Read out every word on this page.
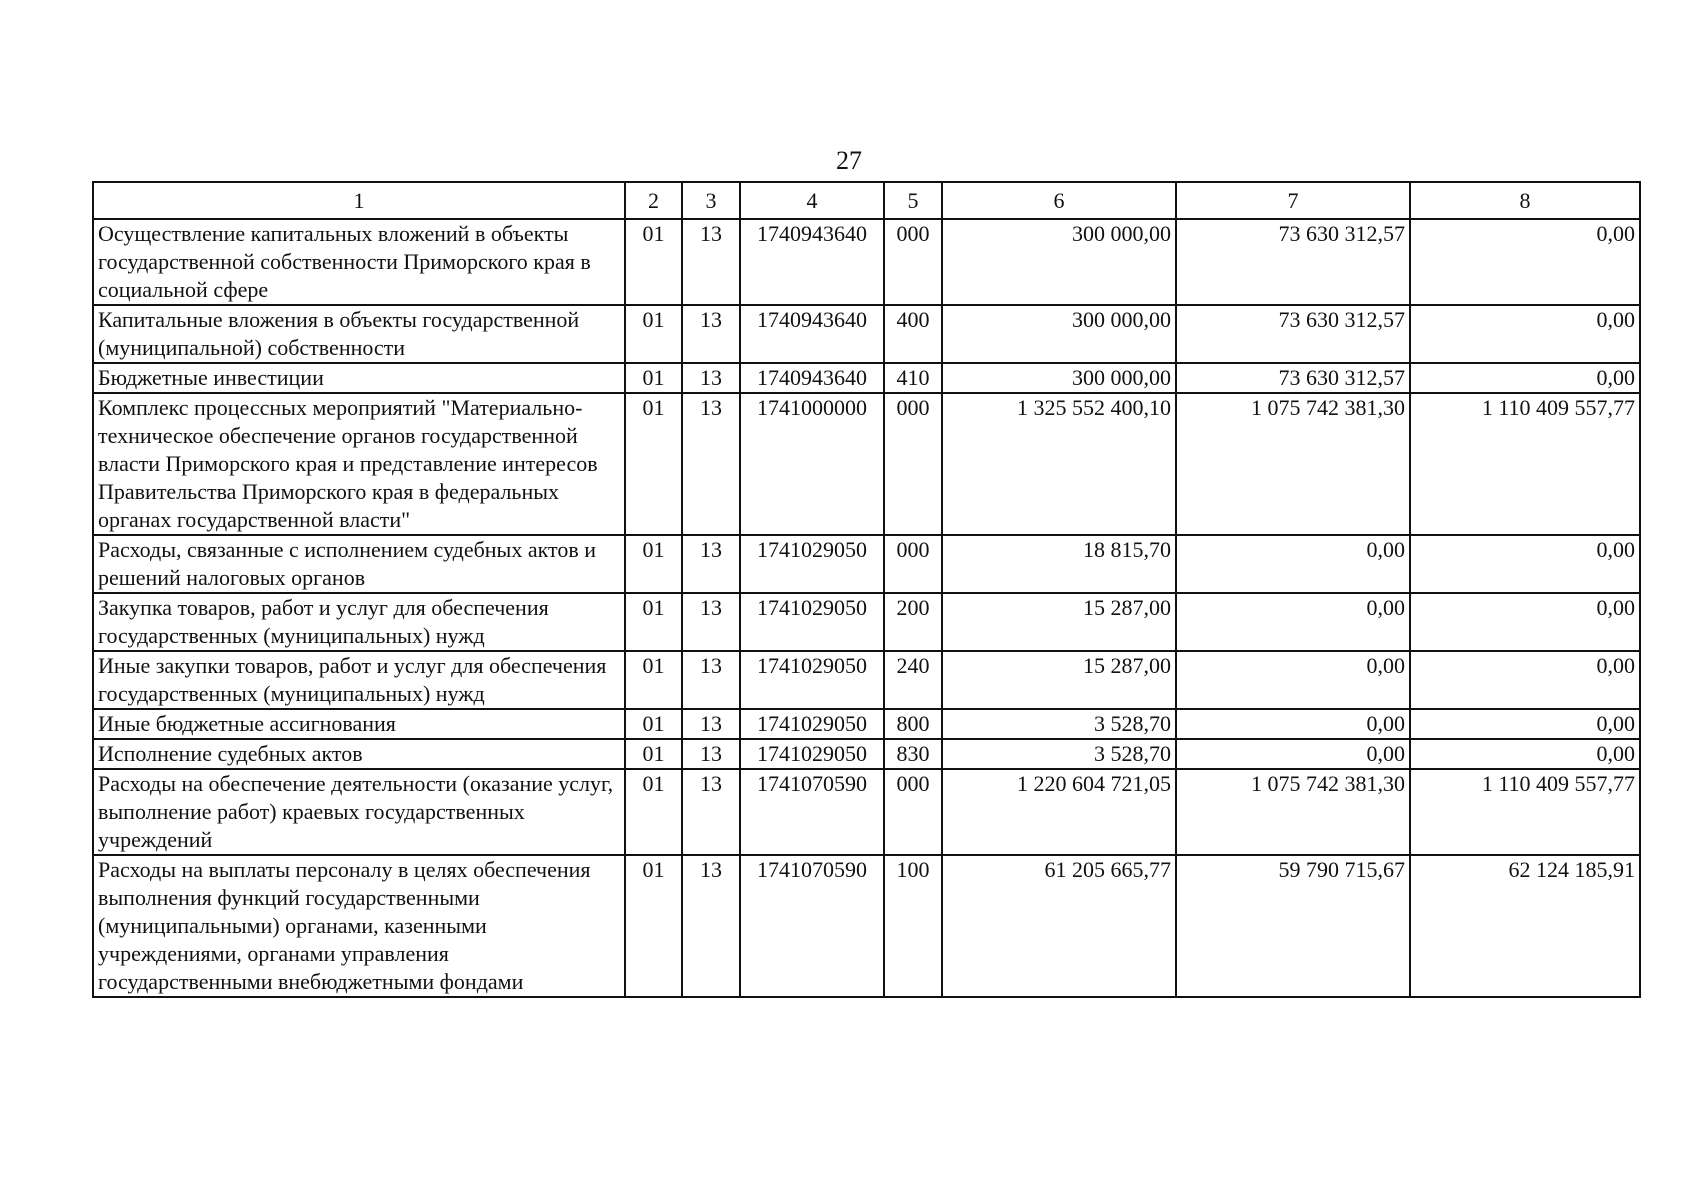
27
1	2	3	4	5	6	7	8
Осуществление капитальных вложений в объекты государственной собственности Приморского края в социальной сфере	01	13	1740943640	000	300 000,00	73 630 312,57	0,00
Капитальные вложения в объекты государственной (муниципальной) собственности	01	13	1740943640	400	300 000,00	73 630 312,57	0,00
Бюджетные инвестиции	01	13	1740943640	410	300 000,00	73 630 312,57	0,00
Комплекс процессных мероприятий "Материально-техническое обеспечение органов государственной власти Приморского края и представление интересов Правительства Приморского края в федеральных органах государственной власти"	01	13	1741000000	000	1 325 552 400,10	1 075 742 381,30	1 110 409 557,77
Расходы, связанные с исполнением судебных актов и решений налоговых органов	01	13	1741029050	000	18 815,70	0,00	0,00
Закупка товаров, работ и услуг для обеспечения государственных (муниципальных) нужд	01	13	1741029050	200	15 287,00	0,00	0,00
Иные закупки товаров, работ и услуг для обеспечения государственных (муниципальных) нужд	01	13	1741029050	240	15 287,00	0,00	0,00
Иные бюджетные ассигнования	01	13	1741029050	800	3 528,70	0,00	0,00
Исполнение судебных актов	01	13	1741029050	830	3 528,70	0,00	0,00
Расходы на обеспечение деятельности (оказание услуг, выполнение работ) краевых государственных учреждений	01	13	1741070590	000	1 220 604 721,05	1 075 742 381,30	1 110 409 557,77
Расходы на выплаты персоналу в целях обеспечения выполнения функций государственными (муниципальными) органами, казенными учреждениями, органами управления государственными внебюджетными фондами	01	13	1741070590	100	61 205 665,77	59 790 715,67	62 124 185,91
